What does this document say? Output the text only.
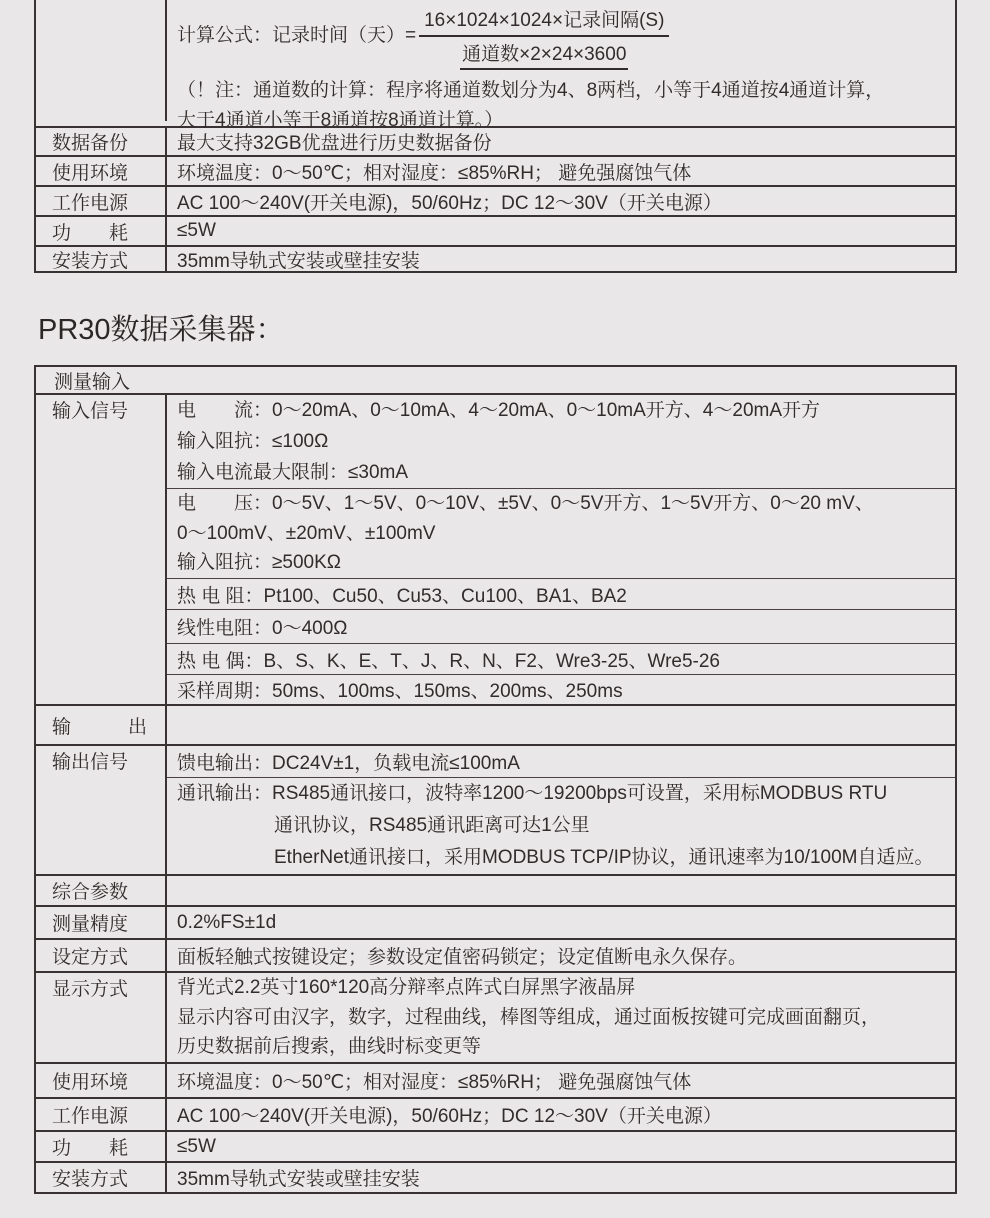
计算公式：记录时间（天）= $\frac{\text{16×1024×1024×记录间隔(S)}}{\text{通道数×2×24×3600}}$
（！注：通道数的计算：程序将通道数划分为4、8两档，小等于4通道按4通道计算，
大于4通道小等于8通道按8通道计算。）
数据备份	最大支持32GB优盘进行历史数据备份
使用环境	环境温度：0～50℃；相对湿度：≤85%RH； 避免强腐蚀气体
工作电源	AC 100～240V(开关电源)，50/60Hz；DC 12～30V（开关电源）
功　　耗	≤5W
安装方式	35mm导轨式安装或壁挂安装
PR30数据采集器：
测量输入
输入信号	电　　流：0～20mA、0～10mA、4～20mA、0～10mA开方、4～20mA开方
输入阻抗：≤100Ω
输入电流最大限制：≤30mA
电　　压：0～5V、1～5V、0～10V、±5V、0～5V开方、1～5V开方、0～20 mV、
0～100mV、±20mV、±100mV
输入阻抗：≥500KΩ
热 电 阻：Pt100、Cu50、Cu53、Cu100、BA1、BA2
线性电阻：0～400Ω
热 电 偶：B、S、K、E、T、J、R、N、F2、Wre3-25、Wre5-26
采样周期：50ms、100ms、150ms、200ms、250ms
输　　　出
输出信号	馈电输出：DC24V±1，负载电流≤100mA
通讯输出：RS485通讯接口，波特率1200～19200bps可设置，采用标MODBUS RTU
通讯协议，RS485通讯距离可达1公里
EtherNet通讯接口，采用MODBUS TCP/IP协议，通讯速率为10/100M自适应。
综合参数
测量精度	0.2%FS±1d
设定方式	面板轻触式按键设定；参数设定值密码锁定；设定值断电永久保存。
显示方式	背光式2.2英寸160*120高分辩率点阵式白屏黑字液晶屏
显示内容可由汉字，数字，过程曲线，棒图等组成，通过面板按键可完成画面翻页，
历史数据前后搜索，曲线时标变更等
使用环境	环境温度：0～50℃；相对湿度：≤85%RH； 避免强腐蚀气体
工作电源	AC 100～240V(开关电源)，50/60Hz；DC 12～30V（开关电源）
功　　耗	≤5W
安装方式	35mm导轨式安装或壁挂安装
